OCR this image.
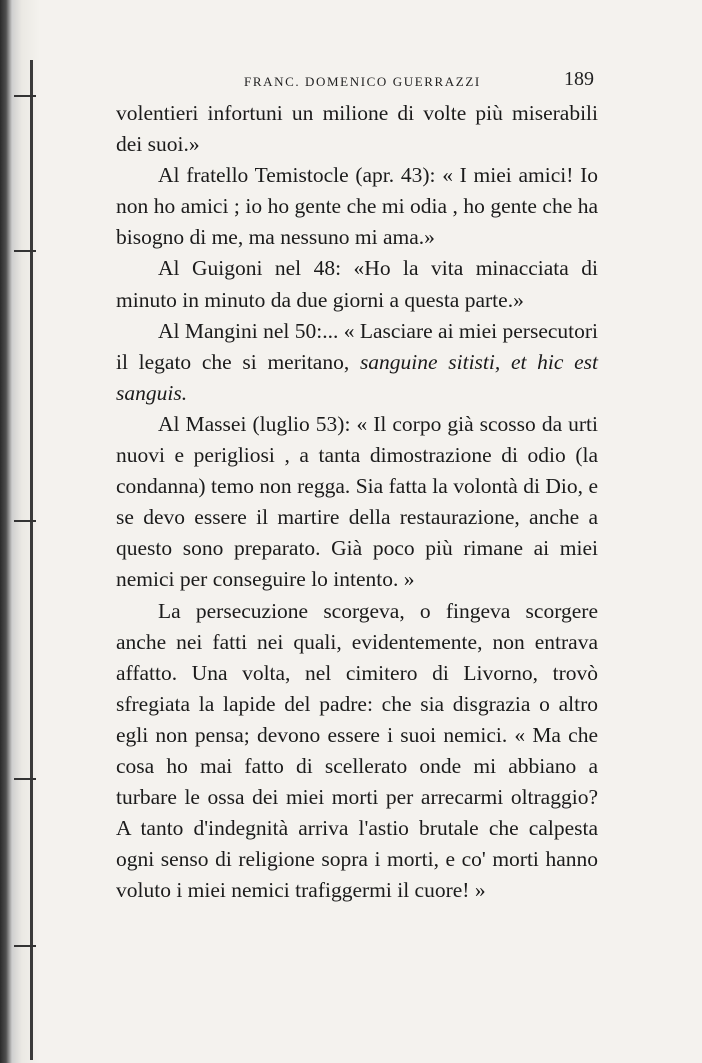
FRANC. DOMENICO GUERRAZZI	189

volentieri infortuni un milione di volte più miserabili dei suoi.»

Al fratello Temistocle (apr. 43): « I miei amici! Io non ho amici ; io ho gente che mi odia , ho gente che ha bisogno di me, ma nessuno mi ama.»

Al Guigoni nel 48: «Ho la vita minacciata di minuto in minuto da due giorni a questa parte.»

Al Mangini nel 50:... « Lasciare ai miei persecutori il legato che si meritano, sanguine sitisti, et hic est sanguis.

Al Massei (luglio 53): « Il corpo già scosso da urti nuovi e perigliosi , a tanta dimostrazione di odio (la condanna) temo non regga. Sia fatta la volontà di Dio, e se devo essere il martire della restaurazione, anche a questo sono preparato. Già poco più rimane ai miei nemici per conseguire lo intento. »

La persecuzione scorgeva, o fingeva scorgere anche nei fatti nei quali, evidentemente, non entrava affatto. Una volta, nel cimitero di Livorno, trovò sfregiata la lapide del padre: che sia disgrazia o altro egli non pensa; devono essere i suoi nemici. « Ma che cosa ho mai fatto di scellerato onde mi abbiano a turbare le ossa dei miei morti per arrecarmi oltraggio? A tanto d'indegnità arriva l'astio brutale che calpesta ogni senso di religione sopra i morti, e co' morti hanno voluto i miei nemici trafiggermi il cuore! »
